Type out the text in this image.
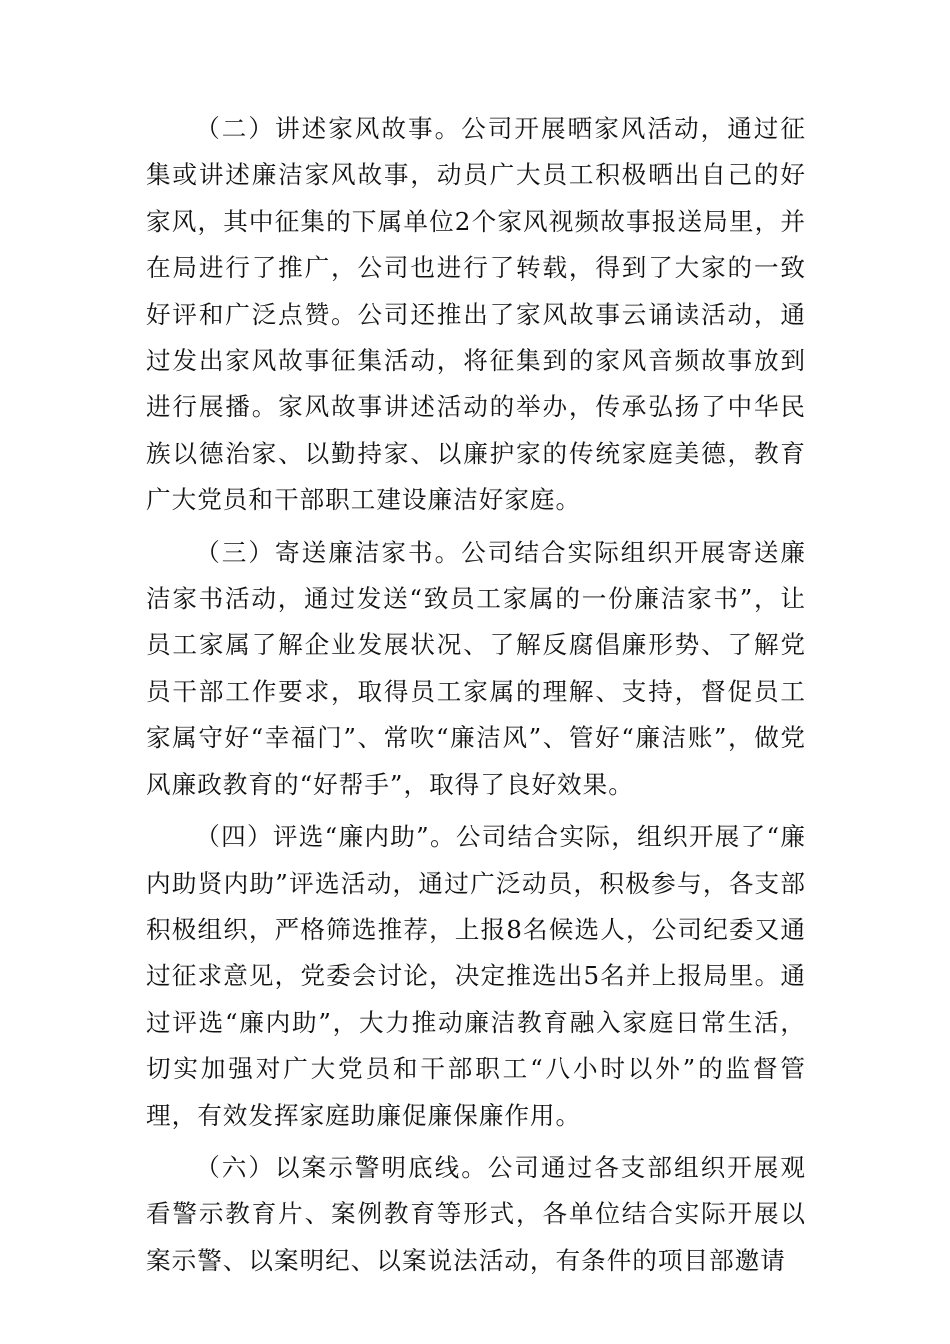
（二）讲述家风故事。公司开展晒家风活动，通过征集或讲述廉洁家风故事，动员广大员工积极晒出自己的好家风，其中征集的下属单位2个家风视频故事报送局里，并在局进行了推广，公司也进行了转载，得到了大家的一致好评和广泛点赞。公司还推出了家风故事云诵读活动，通过发出家风故事征集活动，将征集到的家风音频故事放到进行展播。家风故事讲述活动的举办，传承弘扬了中华民族以德治家、以勤持家、以廉护家的传统家庭美德，教育广大党员和干部职工建设廉洁好家庭。

（三）寄送廉洁家书。公司结合实际组织开展寄送廉洁家书活动，通过发送“致员工家属的一份廉洁家书”，让员工家属了解企业发展状况、了解反腐倡廉形势、了解党员干部工作要求，取得员工家属的理解、支持，督促员工家属守好“幸福门”、常吹“廉洁风”、管好“廉洁账”，做党风廉政教育的“好帮手”，取得了良好效果。

（四）评选“廉内助”。公司结合实际，组织开展了“廉内助贤内助”评选活动，通过广泛动员，积极参与，各支部积极组织，严格筛选推荐，上报8名候选人，公司纪委又通过征求意见，党委会讨论，决定推选出5名并上报局里。通过评选“廉内助”，大力推动廉洁教育融入家庭日常生活，切实加强对广大党员和干部职工“八小时以外”的监督管理，有效发挥家庭助廉促廉保廉作用。

（六）以案示警明底线。公司通过各支部组织开展观看警示教育片、案例教育等形式，各单位结合实际开展以案示警、以案明纪、以案说法活动，有条件的项目部邀请
